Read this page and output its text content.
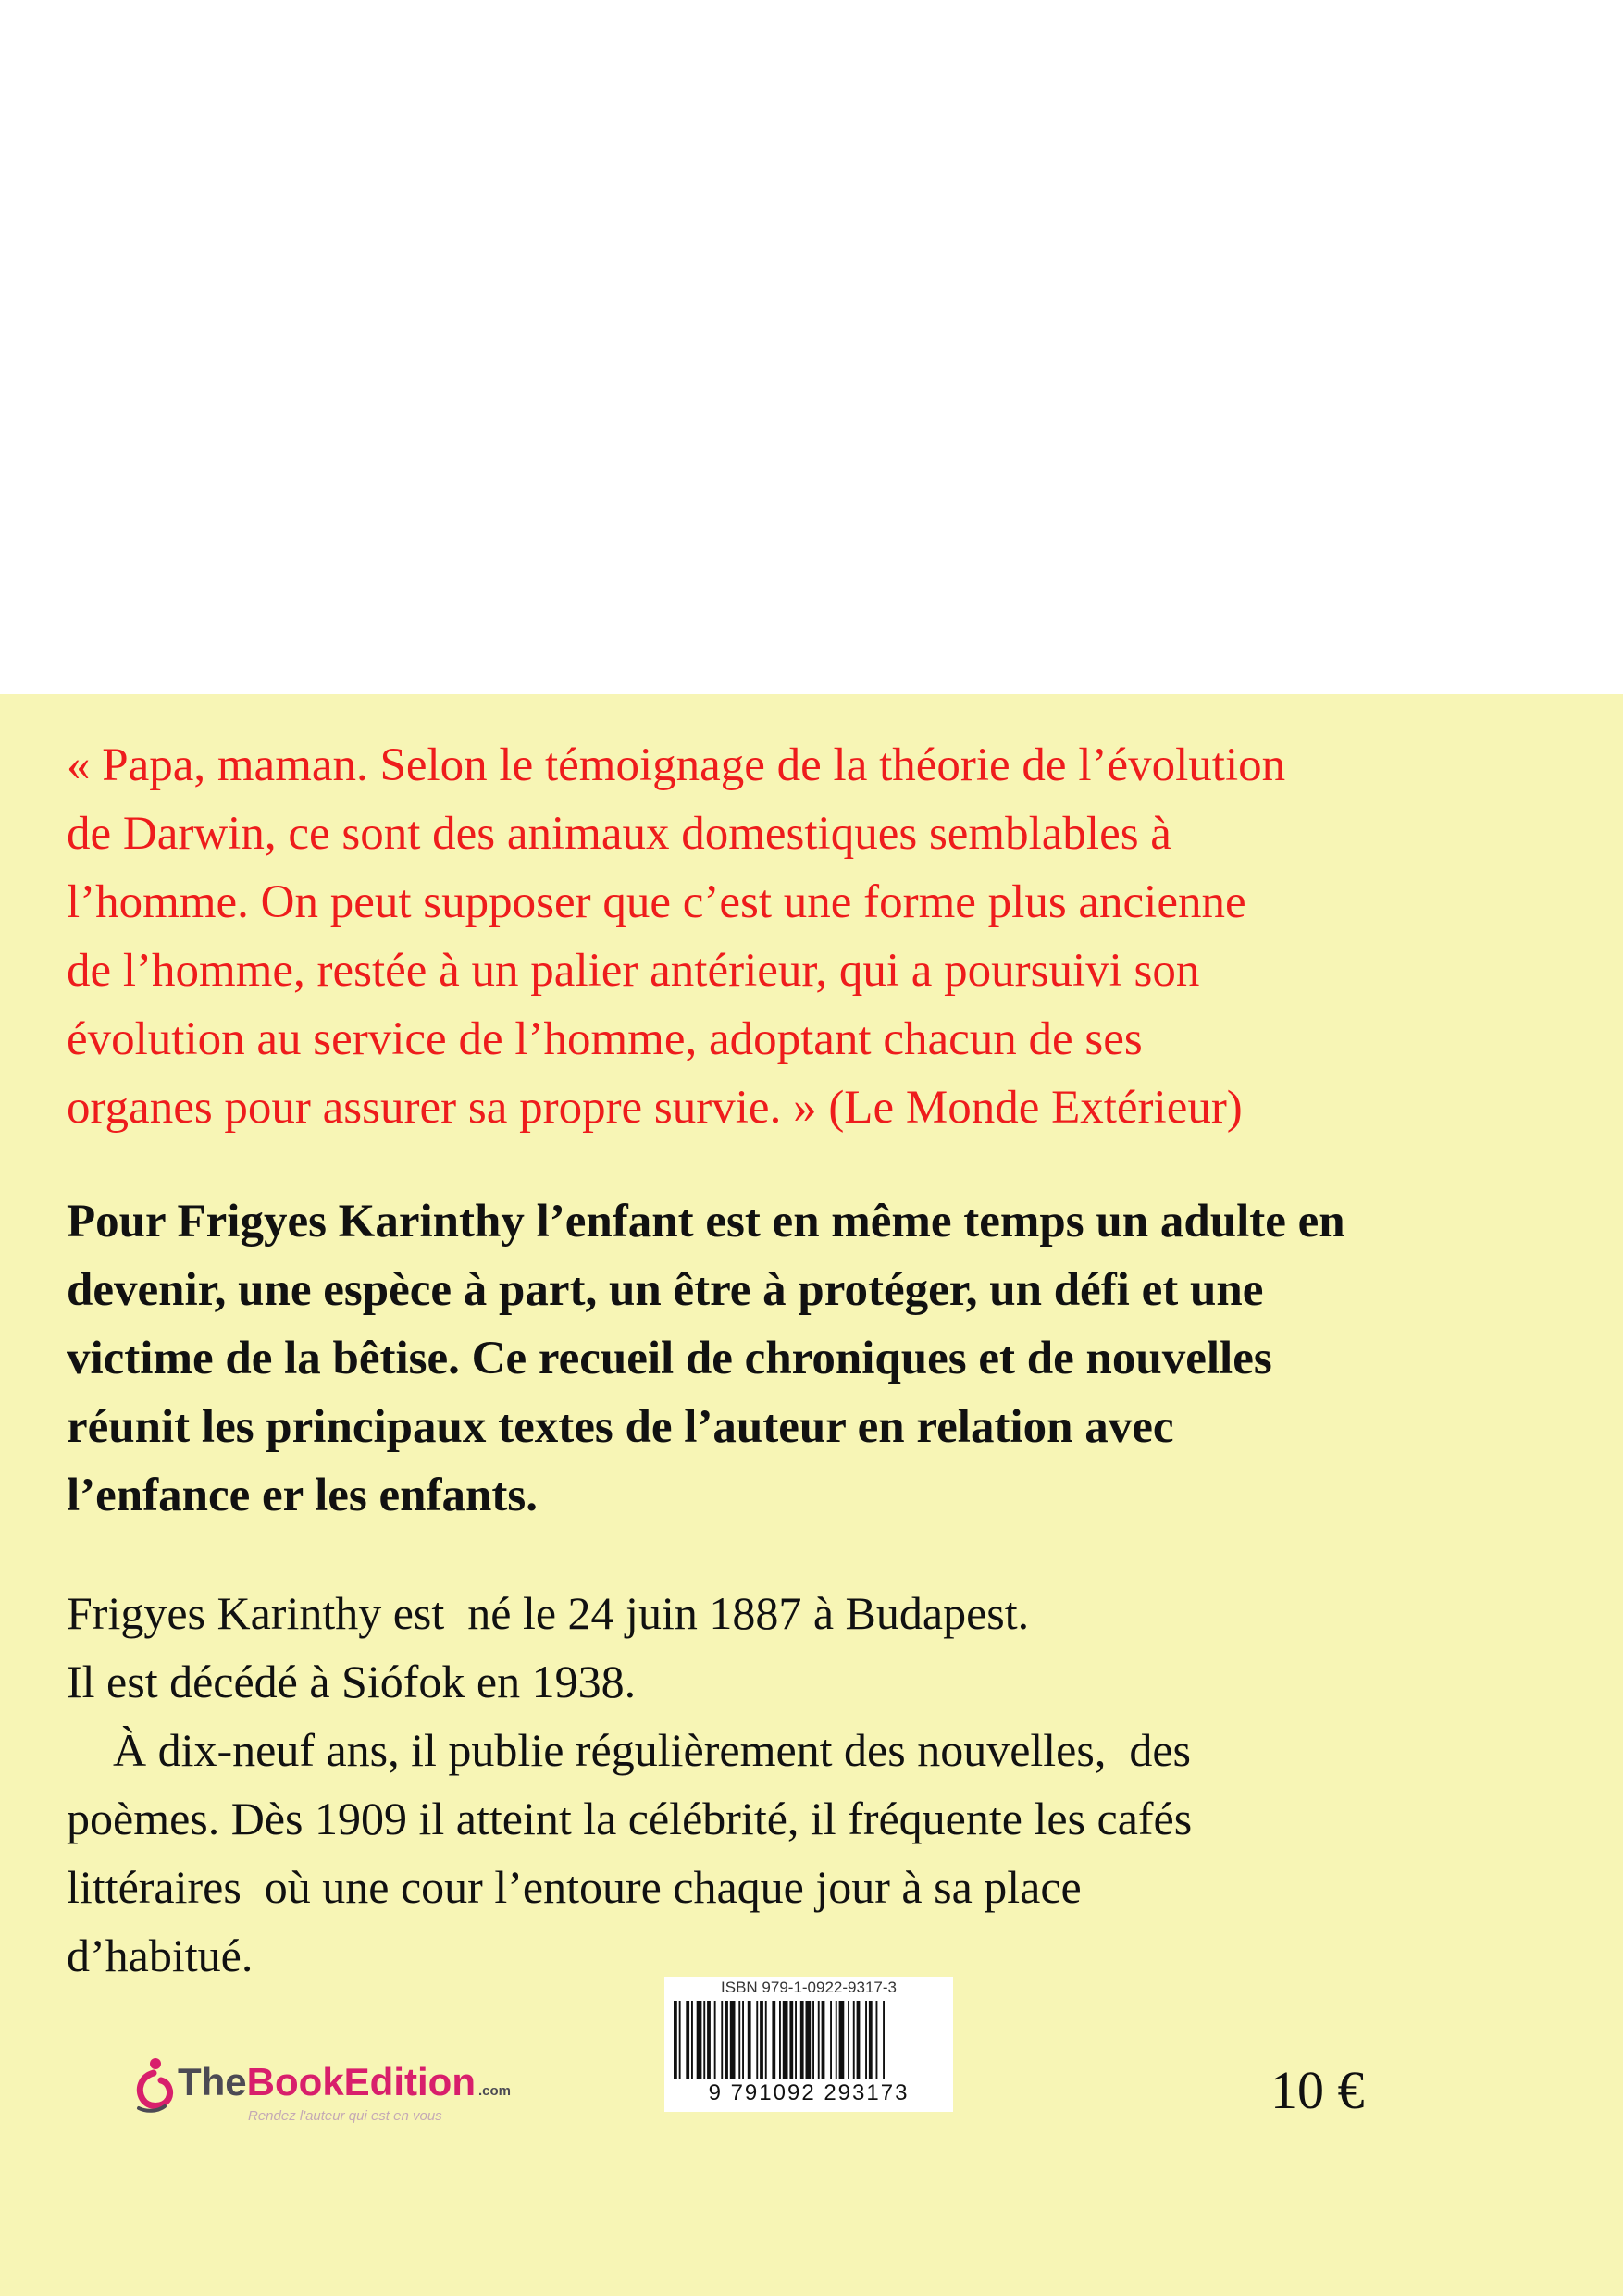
« Papa, maman. Selon le témoignage de la théorie de l’évolution
de Darwin, ce sont des animaux domestiques semblables à
l’homme. On peut supposer que c’est une forme plus ancienne
de l’homme, restée à un palier antérieur, qui a poursuivi son
évolution au service de l’homme, adoptant chacun de ses
organes pour assurer sa propre survie. » (Le Monde Extérieur)

Pour Frigyes Karinthy l’enfant est en même temps un adulte en
devenir, une espèce à part, un être à protéger, un défi et une
victime de la bêtise. Ce recueil de chroniques et de nouvelles
réunit les principaux textes de l’auteur en relation avec
l’enfance er les enfants.

Frigyes Karinthy est  né le 24 juin 1887 à Budapest.
Il est décédé à Siófok en 1938.
À dix-neuf ans, il publie régulièrement des nouvelles,  des
poèmes. Dès 1909 il atteint la célébrité, il fréquente les cafés
littéraires  où une cour l’entoure chaque jour à sa place
d’habitué.

TheBookEdition .com
Rendez l'auteur qui est en vous
ISBN 979-1-0922-9317-3
9 791092 293173	10 €
